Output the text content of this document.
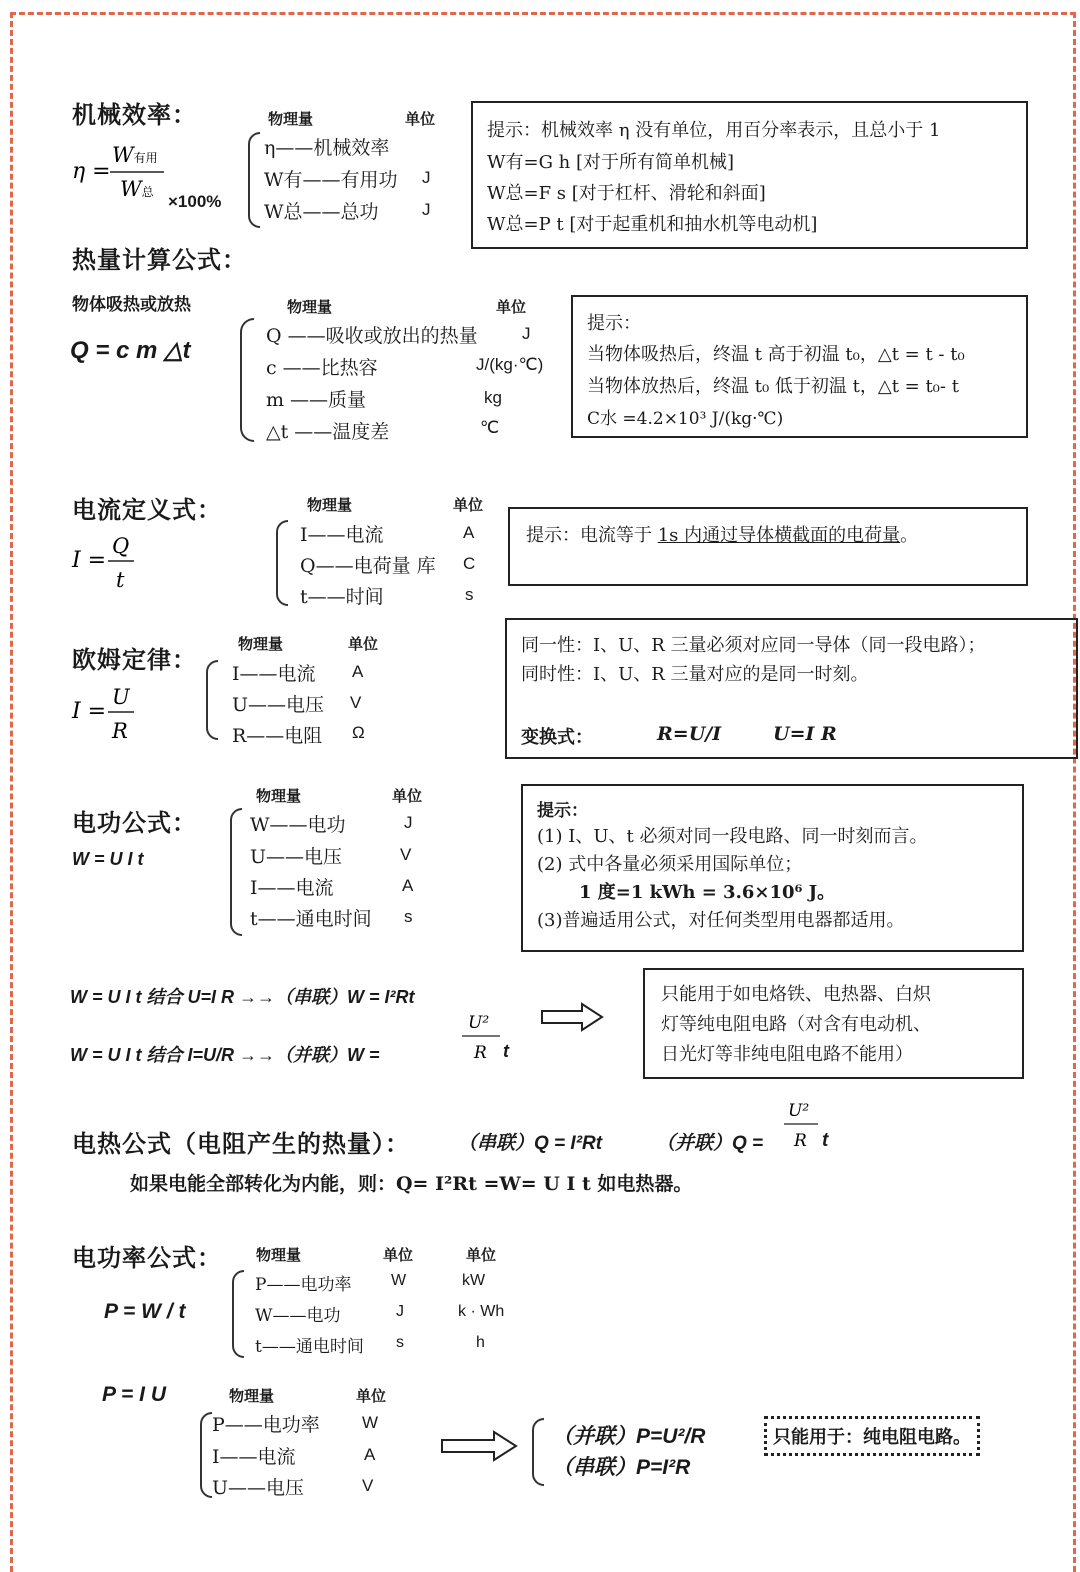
机械效率：
η =
W有用
W总 ×100%
物理量	单位
η——机械效率
W有——有用功 J
W总——总功	J
提示：机械效率 η 没有单位，用百分率表示，且总小于 1
W有=G h [对于所有简单机械]
W总=F s [对于杠杆、滑轮和斜面]
W总=P t [对于起重机和抽水机等电动机]
热量计算公式：
物体吸热或放热
Q = c m △t
物理量	单位
Q ——吸收或放出的热量	J
c ——比热容	J/(kg·℃)
m ——质量	kg
△t ——温度差	℃
提示：
当物体吸热后，终温 t 高于初温 t₀，△t = t - t₀
当物体放热后，终温 t₀ 低于初温 t，△t = t₀- t
C水 =4.2×10³ J/(kg·℃)
电流定义式：
I =
Q
t
物理量	单位
I——电流	A
Q——电荷量 库 C
t——时间	s
提示：电流等于 1s 内通过导体横截面的电荷量。
欧姆定律：
I =
U
R
物理量	单位
I——电流 A
U——电压 V
R——电阻 Ω
同一性：I、U、R 三量必须对应同一导体（同一段电路）；
同时性：I、U、R 三量对应的是同一时刻。
变换式：	R=U/I	U=I R
电功公式：
W = U I t
物理量	单位
W——电功	J
U——电压	V
I——电流	A
t——通电时间 s
提示：
(1) I、U、t 必须对同一段电路、同一时刻而言。
(2) 式中各量必须采用国际单位；
1 度=1 kWh = 3.6×10⁶ J。
(3)普遍适用公式，对任何类型用电器都适用。
W = U I t 结合 U=I R →→（串联）W = I²Rt
W = U I t 结合 I=U/R →→（并联）W =
U²
R t
只能用于如电烙铁、电热器、白炽
灯等纯电阻电路（对含有电动机、
日光灯等非纯电阻电路不能用）
电热公式（电阻产生的热量）：	（串联）Q = I²Rt	（并联）Q =
U²
R t
如果电能全部转化为内能，则：Q= I²Rt =W= U I t 如电热器。
电功率公式：
P = W / t
物理量	单位	单位
P——电功率 W	kW
W——电功	J	k · Wh
t——通电时间 s	h
P = I U	物理量	单位
P——电功率 W
I——电流	A
U——电压	V
（并联）P=U²/R
（串联）P=I²R
只能用于：纯电阻电路。
